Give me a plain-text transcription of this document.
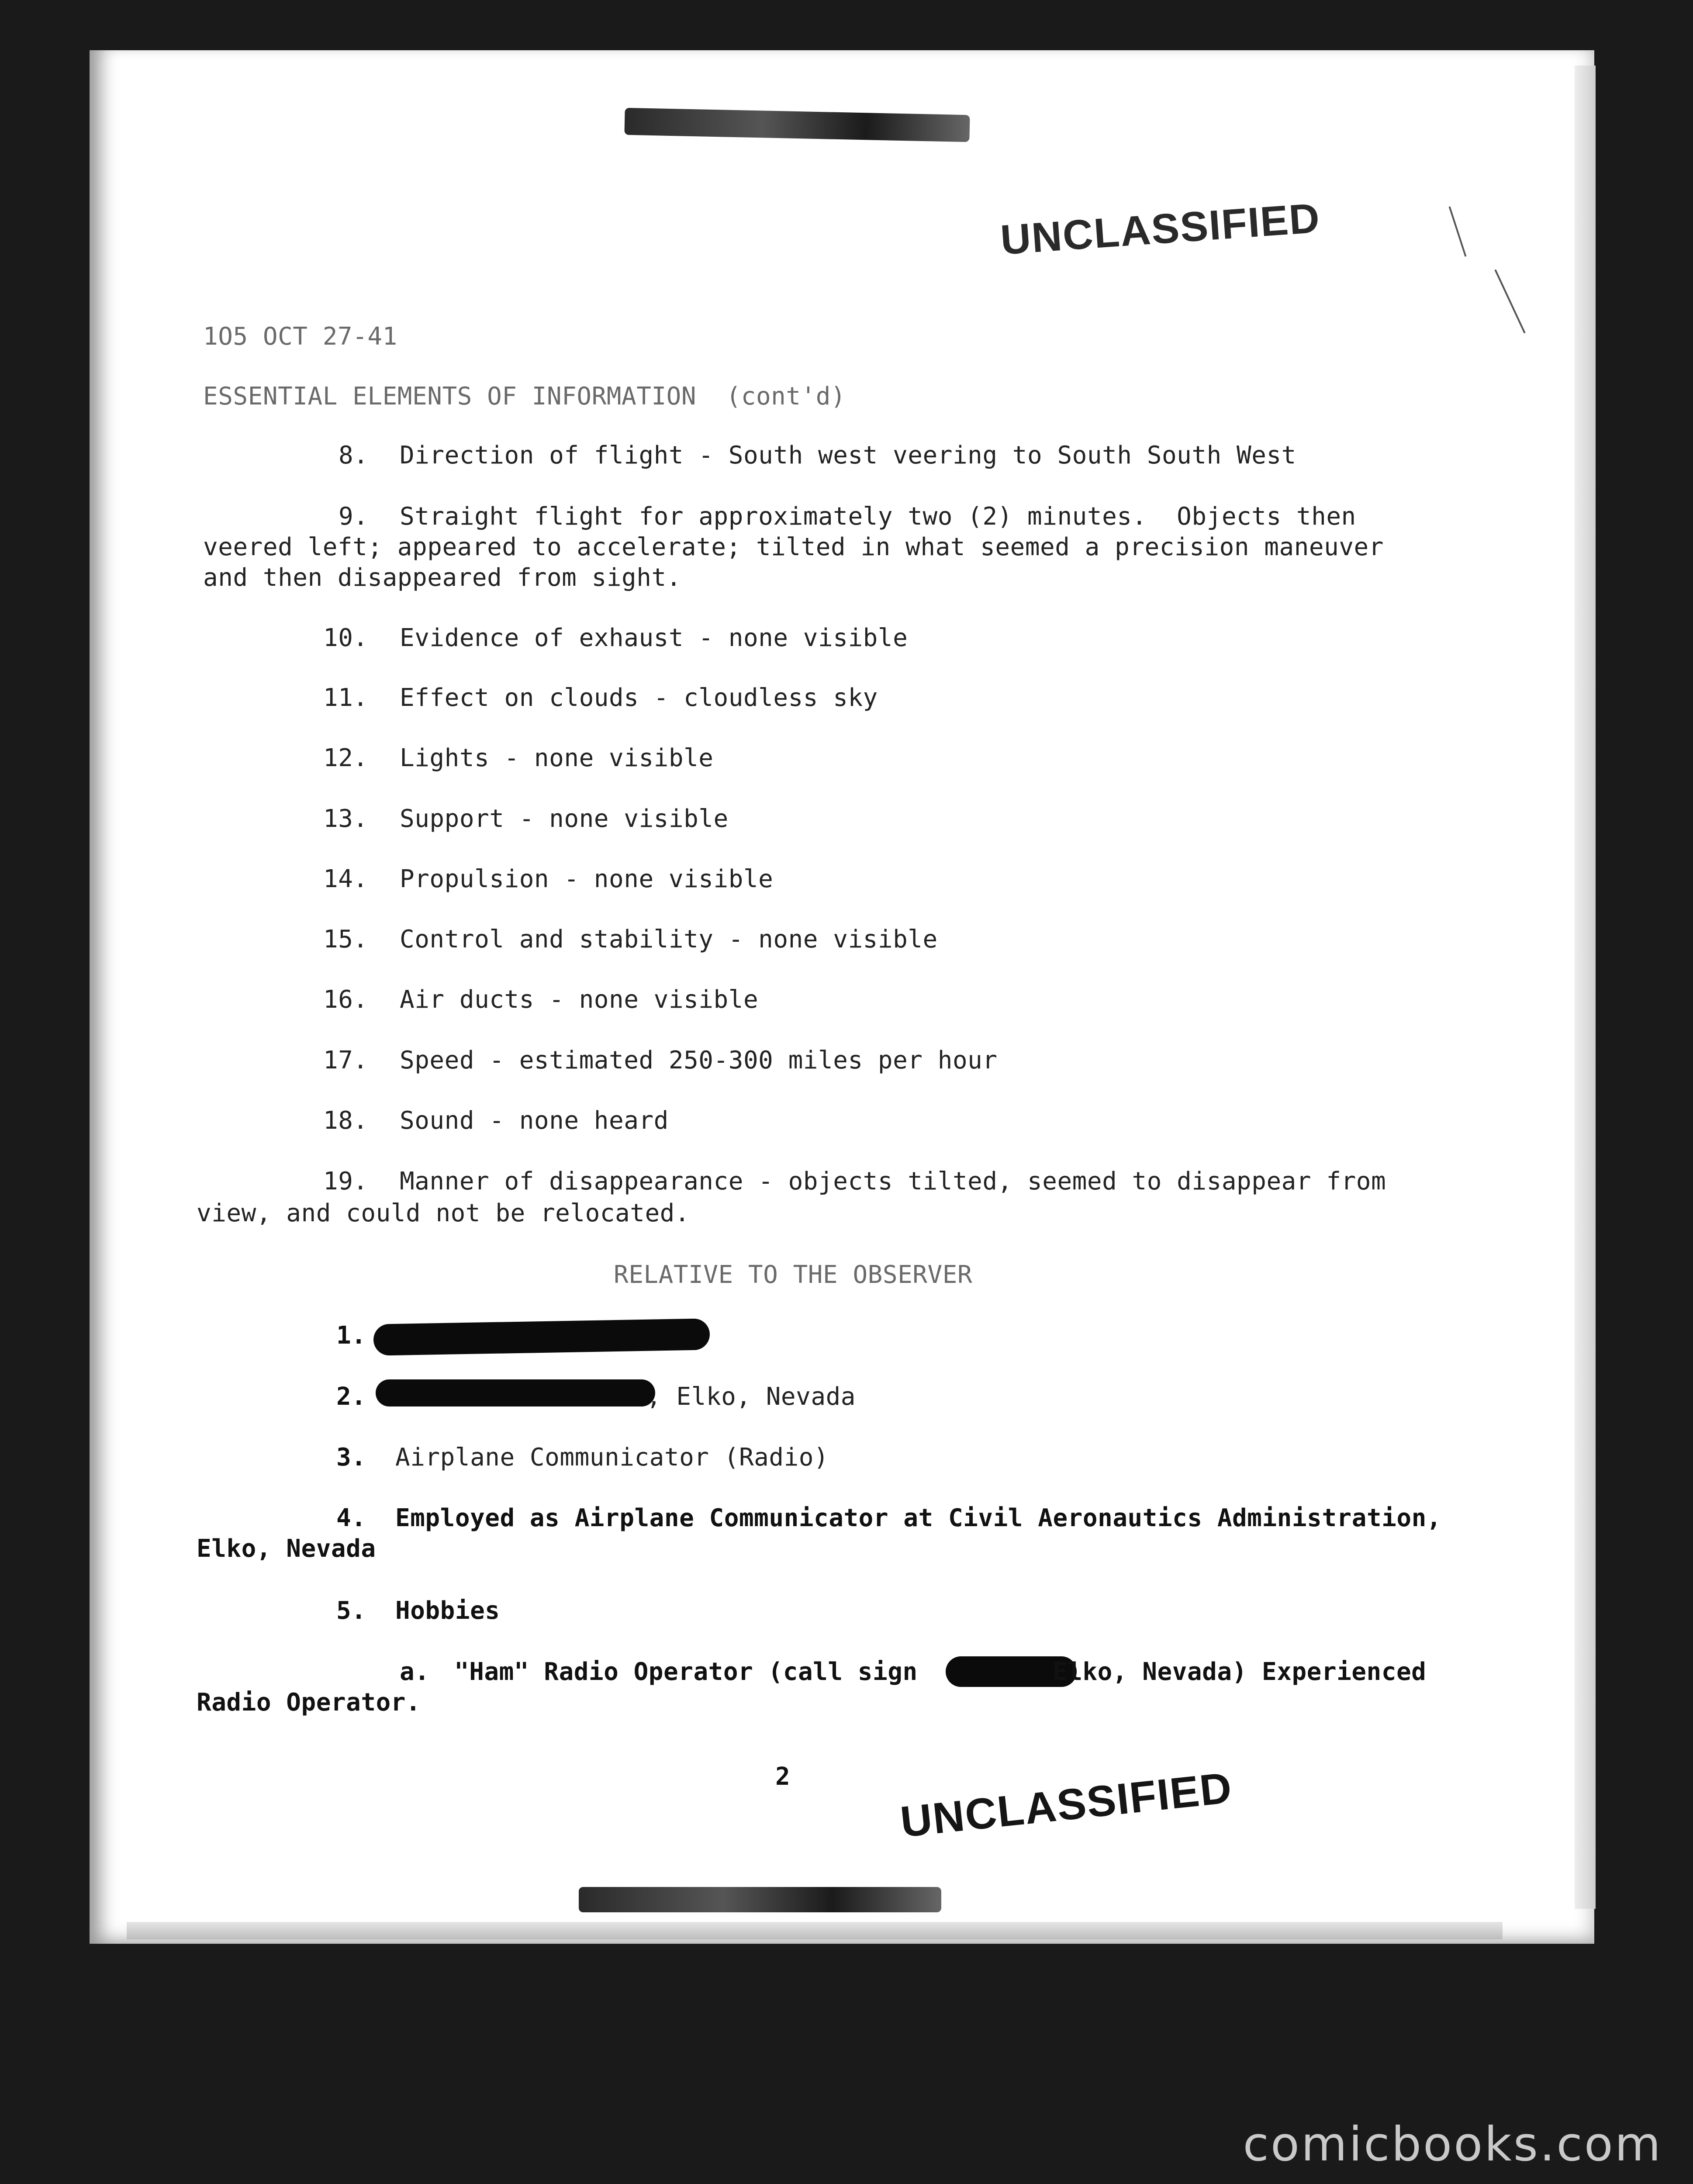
UNCLASSIFIED
1O5 OCT 27-41
ESSENTIAL ELEMENTS OF INFORMATION  (cont'd)
8. Direction of flight - South west veering to South South West
9. Straight flight for approximately two (2) minutes.  Objects then
veered left; appeared to accelerate; tilted in what seemed a precision maneuver
and then disappeared from sight.
10. Evidence of exhaust - none visible
11. Effect on clouds - cloudless sky
12. Lights - none visible
13. Support - none visible
14. Propulsion - none visible
15. Control and stability - none visible
16. Air ducts - none visible
17. Speed - estimated 250-300 miles per hour
18. Sound - none heard
19. Manner of disappearance - objects tilted, seemed to disappear from
view, and could not be relocated.
RELATIVE TO THE OBSERVER
1.
2.	, Elko, Nevada
3. Airplane Communicator (Radio)
4. Employed as Airplane Communicator at Civil Aeronautics Administration,
Elko, Nevada
5. Hobbies
a. "Ham" Radio Operator (call sign	Elko, Nevada) Experienced
Radio Operator.
2 UNCLASSIFIED
comicbooks.com
